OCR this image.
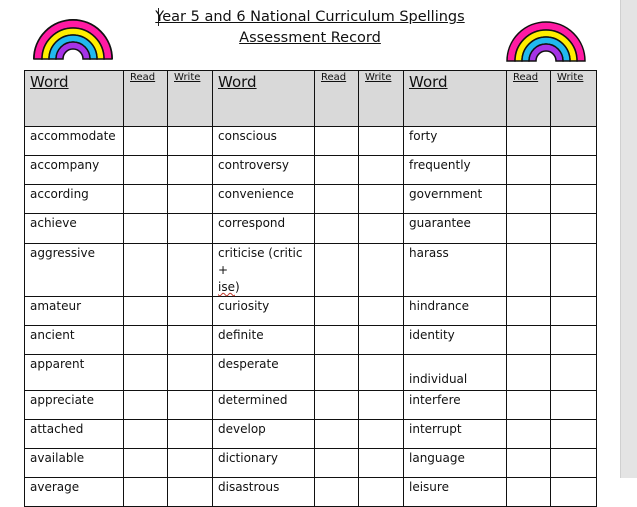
Year 5 and 6 National Curriculum Spellings
Assessment Record
Word	Read	Write	Word	Read	Write	Word	Read	Write

accommodate			conscious			forty		

accompany			controversy			frequently		

according			convenience			government		

achieve			correspond			guarantee		

aggressive			criticise (critic +
ise)			harass		

amateur			curiosity			hindrance		

ancient			definite			identity		

apparent			desperate			individual		

appreciate			determined			interfere		

attached			develop			interrupt		

available			dictionary			language		

average			disastrous			leisure		
